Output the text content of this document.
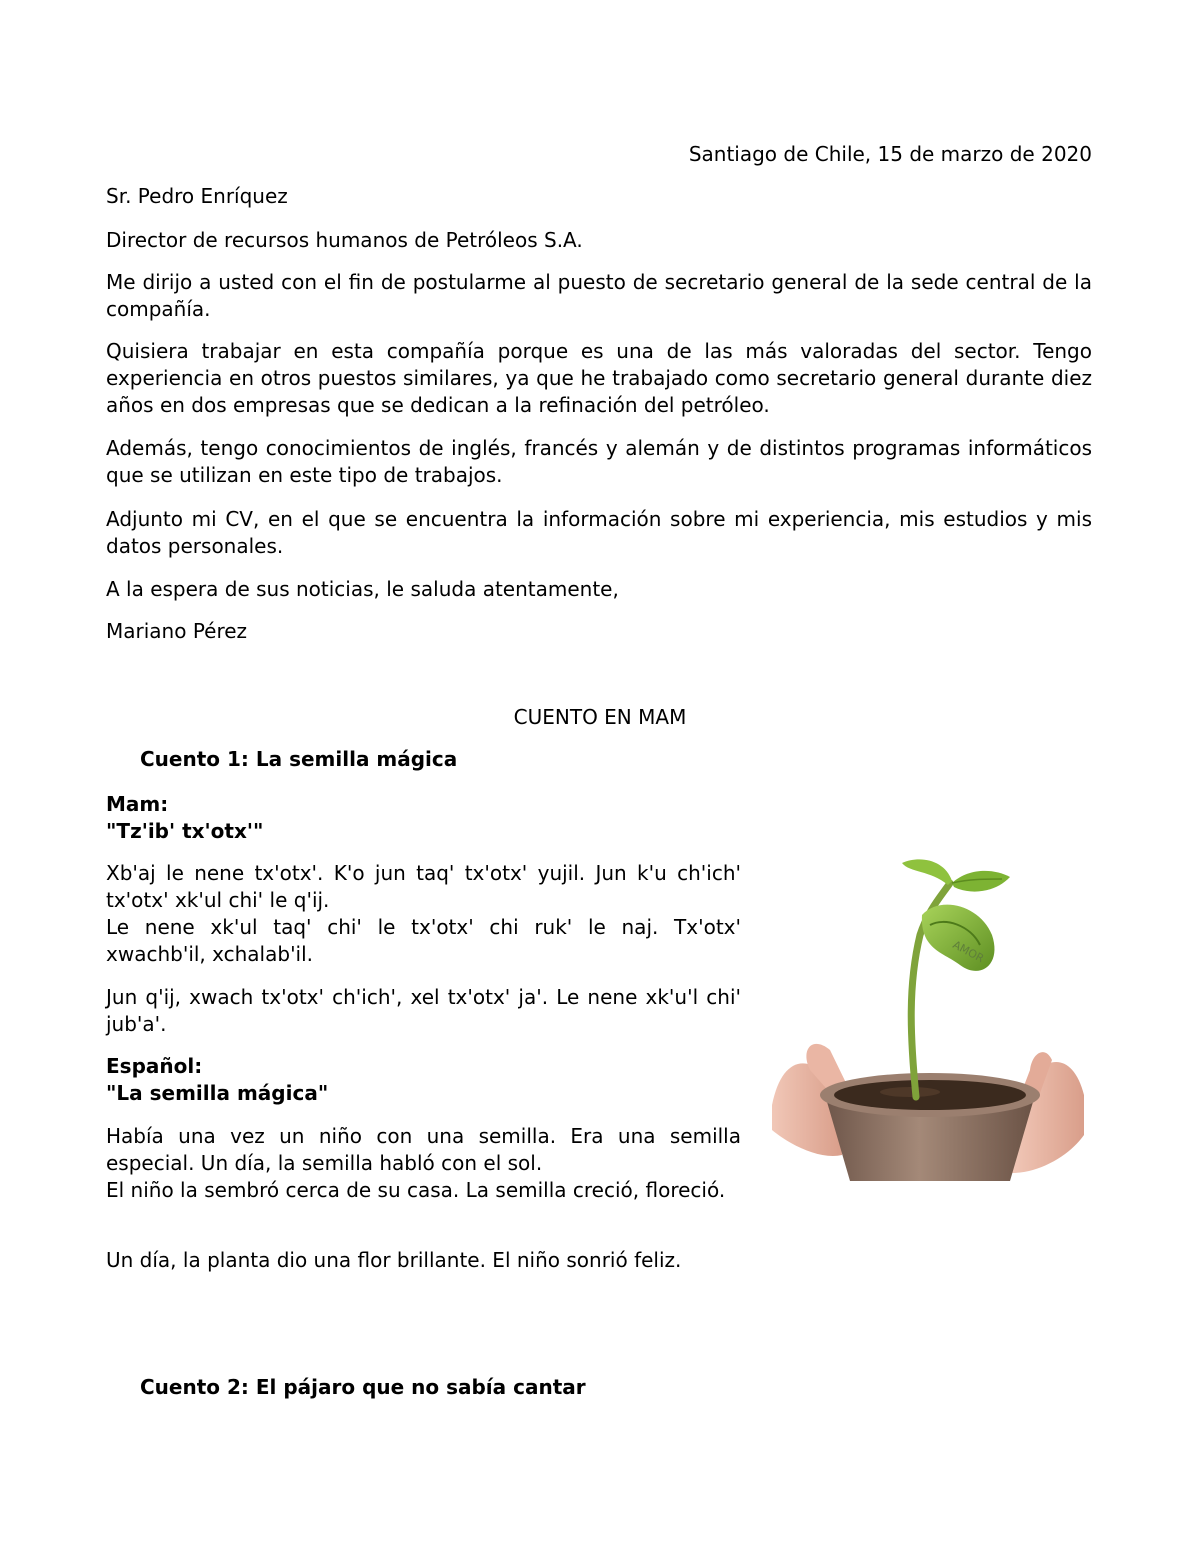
Santiago de Chile, 15 de marzo de 2020

Sr. Pedro Enríquez

Director de recursos humanos de Petróleos S.A.

Me dirijo a usted con el fin de postularme al puesto de secretario general de la sede central de la compañía.

Quisiera trabajar en esta compañía porque es una de las más valoradas del sector. Tengo experiencia en otros puestos similares, ya que he trabajado como secretario general durante diez años en dos empresas que se dedican a la refinación del petróleo.

Además, tengo conocimientos de inglés, francés y alemán y de distintos programas informáticos que se utilizan en este tipo de trabajos.

Adjunto mi CV, en el que se encuentra la información sobre mi experiencia, mis estudios y mis datos personales.

A la espera de sus noticias, le saluda atentamente,

Mariano Pérez

CUENTO EN MAM

Cuento 1: La semilla mágica

Mam:

"Tz'ib' tx'otx'"

Xb'aj le nene tx'otx'. K'o jun taq' tx'otx' yujil. Jun k'u ch'ich' tx'otx' xk'ul chi' le q'ij.

Le nene xk'ul taq' chi' le tx'otx' chi ruk' le naj. Tx'otx' xwachb'il, xchalab'il.

Jun q'ij, xwach tx'otx' ch'ich', xel tx'otx' ja'. Le nene xk'u'l chi' jub'a'.

Español:

"La semilla mágica"

Había una vez un niño con una semilla. Era una semilla especial. Un día, la semilla habló con el sol.

El niño la sembró cerca de su casa. La semilla creció, floreció.

Un día, la planta dio una flor brillante. El niño sonrió feliz.

Cuento 2: El pájaro que no sabía cantar

AMOR
